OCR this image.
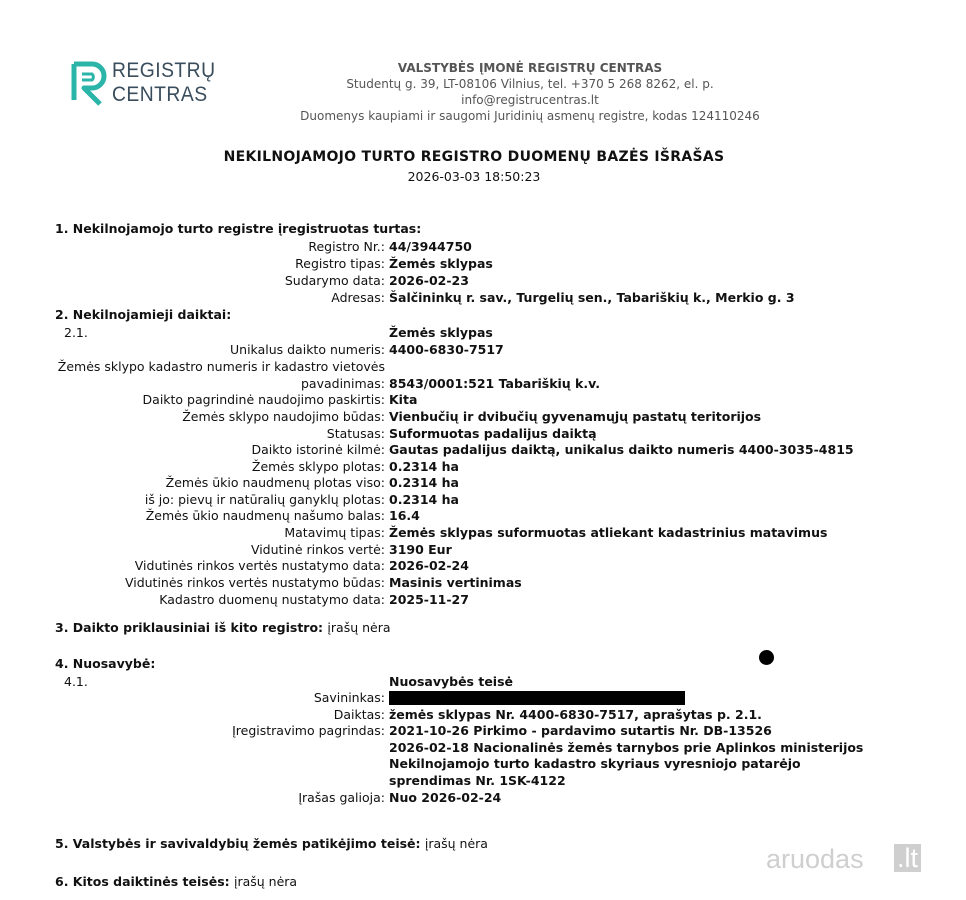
REGISTRŲ
CENTRAS
VALSTYBĖS ĮMONĖ REGISTRŲ CENTRAS
Studentų g. 39, LT-08106 Vilnius, tel. +370 5 268 8262, el. p. info@registrucentras.lt
Duomenys kaupiami ir saugomi Juridinių asmenų registre, kodas 124110246
NEKILNOJAMOJO TURTO REGISTRO DUOMENŲ BAZĖS IŠRAŠAS
2026-03-03 18:50:23
1. Nekilnojamojo turto registre įregistruotas turtas:
Registro Nr.: 44/3944750
Registro tipas: Žemės sklypas
Sudarymo data: 2026-02-23
Adresas: Šalčininkų r. sav., Turgelių sen., Tabariškių k., Merkio g. 3
2. Nekilnojamieji daiktai:
2.1.	Žemės sklypas
Unikalus daikto numeris: 4400-6830-7517
Žemės sklypo kadastro numeris ir kadastro vietovės
pavadinimas: 8543/0001:521 Tabariškių k.v.
Daikto pagrindinė naudojimo paskirtis: Kita
Žemės sklypo naudojimo būdas: Vienbučių ir dvibučių gyvenamųjų pastatų teritorijos
Statusas: Suformuotas padalijus daiktą
Daikto istorinė kilmė: Gautas padalijus daiktą, unikalus daikto numeris 4400-3035-4815
Žemės sklypo plotas: 0.2314 ha
Žemės ūkio naudmenų plotas viso: 0.2314 ha
iš jo: pievų ir natūralių ganyklų plotas: 0.2314 ha
Žemės ūkio naudmenų našumo balas: 16.4
Matavimų tipas: Žemės sklypas suformuotas atliekant kadastrinius matavimus
Vidutinė rinkos vertė: 3190 Eur
Vidutinės rinkos vertės nustatymo data: 2026-02-24
Vidutinės rinkos vertės nustatymo būdas: Masinis vertinimas
Kadastro duomenų nustatymo data: 2025-11-27
3. Daikto priklausiniai iš kito registro: įrašų nėra
4. Nuosavybė:
4.1.	Nuosavybės teisė
Savininkas:
Daiktas: žemės sklypas Nr. 4400-6830-7517, aprašytas p. 2.1.
Įregistravimo pagrindas: 2021-10-26 Pirkimo - pardavimo sutartis Nr. DB-13526
2026-02-18 Nacionalinės žemės tarnybos prie Aplinkos ministerijos
Nekilnojamojo turto kadastro skyriaus vyresniojo patarėjo
sprendimas Nr. 1SK-4122
Įrašas galioja: Nuo 2026-02-24
5. Valstybės ir savivaldybių žemės patikėjimo teisė: įrašų nėra
6. Kitos daiktinės teisės: įrašų nėra
aruodas .lt
